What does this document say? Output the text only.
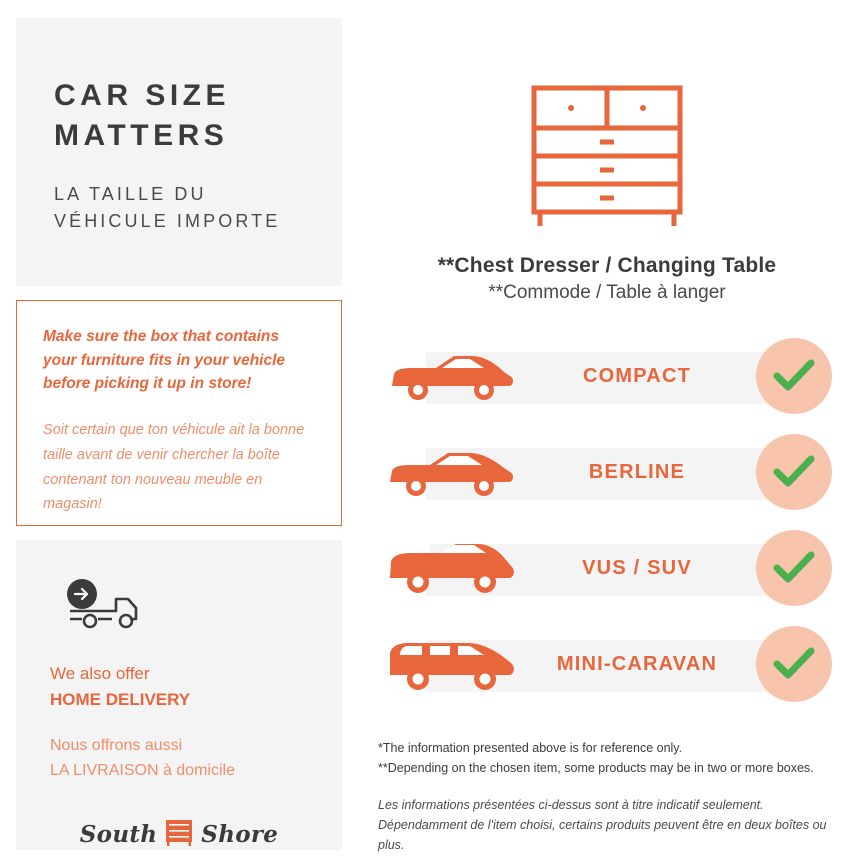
CAR SIZE MATTERS
LA TAILLE DU VÉHICULE IMPORTE

Make sure the box that contains your furniture fits in your vehicle before picking it up in store!

Soit certain que ton véhicule ait la bonne taille avant de venir chercher la boîte contenant ton nouveau meuble en magasin!

We also offer
HOME DELIVERY

Nous offrons aussi
LA LIVRAISON à domicile

South Shore

**Chest Dresser / Changing Table

**Commode / Table à langer

COMPACT
BERLINE
VUS / SUV
MINI-CARAVAN

*The information presented above is for reference only.
**Depending on the chosen item, some products may be in two or more boxes.

Les informations présentées ci-dessus sont à titre indicatif seulement.
Dépendamment de l'item choisi, certains produits peuvent être en deux boîtes ou plus.
